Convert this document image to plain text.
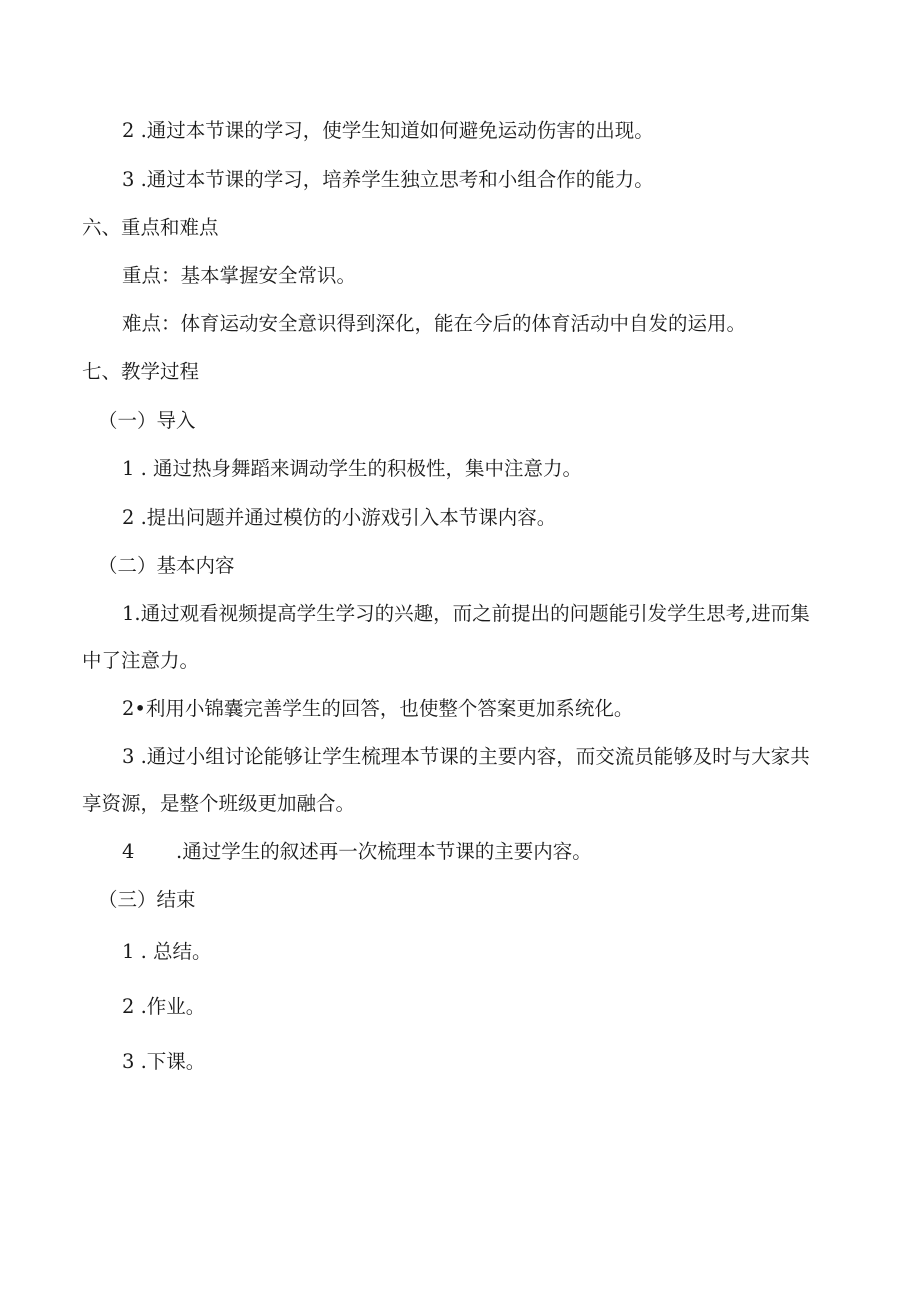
2 .通过本节课的学习，使学生知道如何避免运动伤害的出现。
3 .通过本节课的学习，培养学生独立思考和小组合作的能力。
六、重点和难点
重点：基本掌握安全常识。
难点：体育运动安全意识得到深化，能在今后的体育活动中自发的运用。
七、教学过程
（一）导入
1 . 通过热身舞蹈来调动学生的积极性，集中注意力。
2 .提出问题并通过模仿的小游戏引入本节课内容。
（二）基本内容
1.通过观看视频提高学生学习的兴趣，而之前提出的问题能引发学生思考,进而集
中了注意力。
2•利用小锦囊完善学生的回答，也使整个答案更加系统化。
3 .通过小组讨论能够让学生梳理本节课的主要内容，而交流员能够及时与大家共
享资源，是整个班级更加融合。
4 .通过学生的叙述再一次梳理本节课的主要内容。
（三）结束
1 . 总结。
2 .作业。
3 .下课。
